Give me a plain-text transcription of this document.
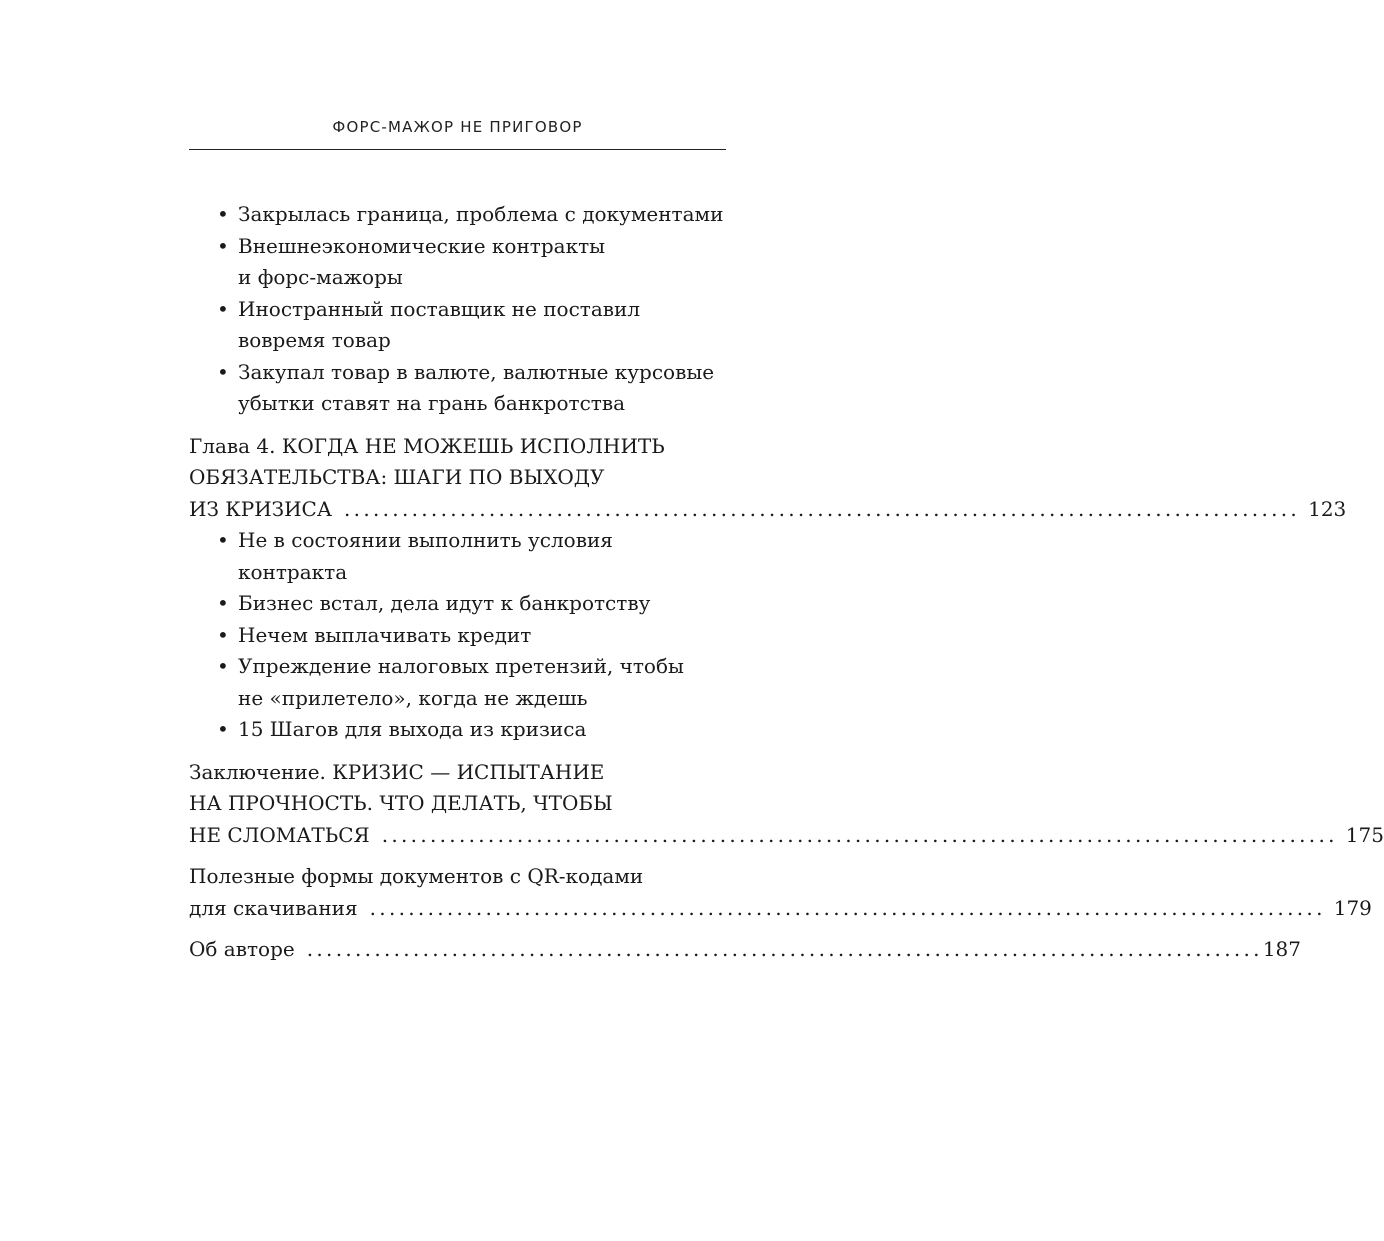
ФОРС-МАЖОР НЕ ПРИГОВОР
• Закрылась граница, проблема с документами
• Внешнеэкономические контракты
и форс-мажоры
• Иностранный поставщик не поставил
вовремя товар
• Закупал товар в валюте, валютные курсовые
убытки ставят на грань банкротства
Глава 4. КОГДА НЕ МОЖЕШЬ ИСПОЛНИТЬ
ОБЯЗАТЕЛЬСТВА: ШАГИ ПО ВЫХОДУ
ИЗ КРИЗИСА ................................................................................................... 123
• Не в состоянии выполнить условия
контракта
• Бизнес встал, дела идут к банкротству
• Нечем выплачивать кредит
• Упреждение налоговых претензий, чтобы
не «прилетело», когда не ждешь
• 15 Шагов для выхода из кризиса
Заключение. КРИЗИС — ИСПЫТАНИЕ
НА ПРОЧНОСТЬ. ЧТО ДЕЛАТЬ, ЧТОБЫ
НЕ СЛОМАТЬСЯ ................................................................................................... 175
Полезные формы документов с QR-кодами
для скачивания ................................................................................................... 179
Об авторе ................................................................................................... 187
